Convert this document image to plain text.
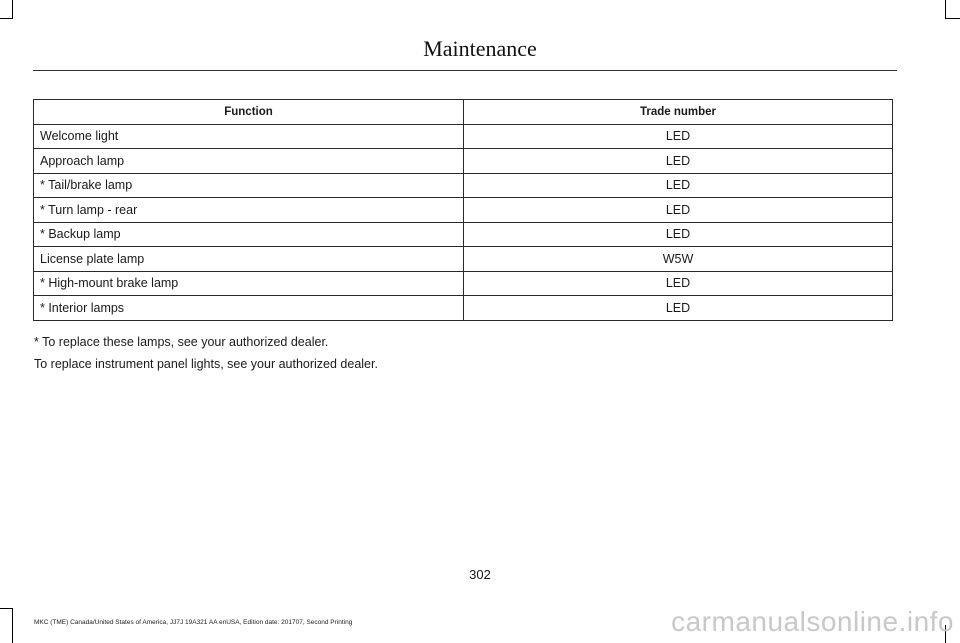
Maintenance
Function	Trade number
Welcome light	LED
Approach lamp	LED
* Tail/brake lamp	LED
* Turn lamp - rear	LED
* Backup lamp	LED
License plate lamp	W5W
* High-mount brake lamp	LED
* Interior lamps	LED
* To replace these lamps, see your authorized dealer.
To replace instrument panel lights, see your authorized dealer.
302
MKC (TME) Canada/United States of America, JJ7J 19A321 AA enUSA, Edition date: 201707, Second Printing	carmanualsonline.info
